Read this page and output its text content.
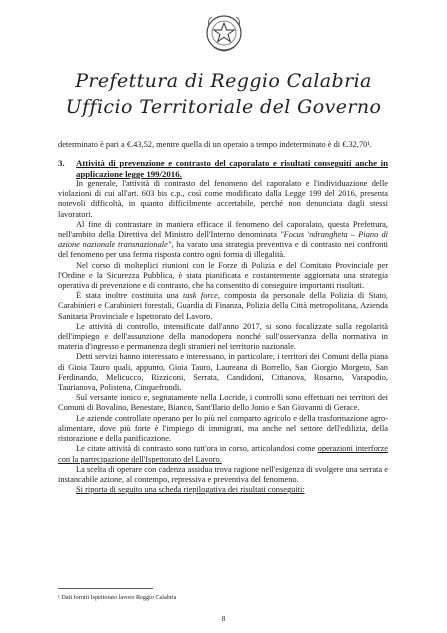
Prefettura di Reggio Calabria
Ufficio Territoriale del Governo

determinato è pari a €.43,52, mentre quella di un operaio a tempo indeterminato è di €.32,70¹.

3. Attività di prevenzione e contrasto del caporalato e risultati conseguiti anche in applicazione legge 199/2016.

In generale, l'attività di contrasto del fenomeno del caporalato e l'individuazione delle violazioni di cui all'art. 603 bis c.p., così come modificato dalla Legge 199 del 2016, presenta notevoli difficoltà, in quanto difficilmente accertabile, perché non denunciata dagli stessi lavoratori.

Al fine di contrastare in maniera efficace il fenomeno del caporalato, questa Prefettura, nell'ambito della Direttiva del Ministro dell'Interno denominata "Focus 'ndrangheta – Piano di azione nazionale transnazionale", ha varato una strategia preventiva e di contrasto nei confronti del fenomeno per una ferma risposta contro ogni forma di illegalità.

Nel corso di molteplici riunioni con le Forze di Polizia e del Comitato Provinciale per l'Ordine e la Sicurezza Pubblica, è stata pianificata e costantemente aggiornata una strategia operativa di prevenzione e di contrasto, che ha consentito di conseguire importanti risultati.

È stata inoltre costituita una task force, composta da personale della Polizia di Stato, Carabinieri e Carabinieri forestali, Guardia di Finanza, Polizia della Città metropolitana, Azienda Sanitaria Provinciale e Ispettorato del Lavoro.

Le attività di controllo, intensificate dall'anno 2017, si sono focalizzate sulla regolarità dell'impiego e dell'assunzione della manodopera nonché sull'osservanza della normativa in materia d'ingresso e permanenza degli stranieri nel territorio nazionale.

Detti servizi hanno interessato e interessano, in particolare, i territori dei Comuni della piana di Gioia Tauro quali, appunto, Gioia Tauro, Laureana di Borrello, San Giorgio Morgeto, San Ferdinando, Melicucco, Rizziconi, Serrata, Candidoni, Cittanova, Rosarno, Varapodio, Taurianova, Polistena, Cinquefrondi.

Sul versante ionico e, segnatamente nella Locride, i controlli sono effettuati nei territori dei Comuni di Bovalino, Benestare, Bianco, Sant'Ilario dello Jonio e San Giovanni di Gerace.

Le aziende controllate operano per lo più nel comparto agricolo e della trasformazione agro-alimentare, dove più forte è l'impiego di immigrati, ma anche nel settore dell'edilizia, della ristorazione e della panificazione.

Le citate attività di contrasto sono tutt'ora in corso, articolandosi come operazioni interforze con la partecipazione dell'Ispettorato del Lavoro.

La scelta di operare con cadenza assidua trova ragione nell'esigenza di svolgere una serrata e instancabile azione, al contempo, repressiva e preventiva del fenomeno.

Si riporta di seguito una scheda riepilogativa dei risultati conseguiti:

¹ Dati forniti Ispettorato lavoro Reggio Calabria
8
